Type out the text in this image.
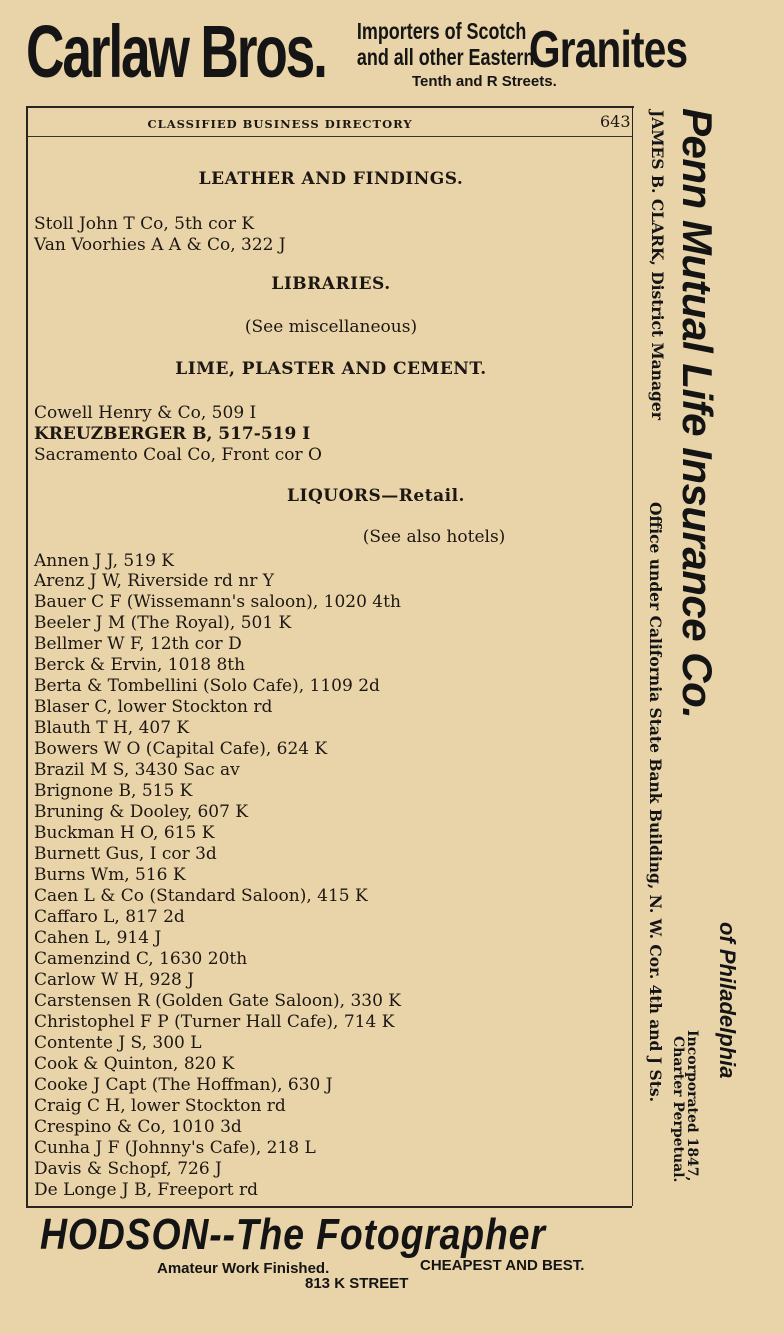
Carlaw Bros. Importers of Scotch
and all other Eastern
Granites
Tenth and R Streets.
CLASSIFIED BUSINESS DIRECTORY	643
LEATHER AND FINDINGS.
Stoll John T Co, 5th cor K
Van Voorhies A A & Co, 322 J
LIBRARIES.
(See miscellaneous)
LIME, PLASTER AND CEMENT.
Cowell Henry & Co, 509 I
KREUZBERGER B, 517-519 I
Sacramento Coal Co, Front cor O
LIQUORS—Retail.
(See also hotels)
Annen J J, 519 K
Arenz J W, Riverside rd nr Y
Bauer C F (Wissemann's saloon), 1020 4th
Beeler J M (The Royal), 501 K
Bellmer W F, 12th cor D
Berck & Ervin, 1018 8th
Berta & Tombellini (Solo Cafe), 1109 2d
Blaser C, lower Stockton rd
Blauth T H, 407 K
Bowers W O (Capital Cafe), 624 K
Brazil M S, 3430 Sac av
Brignone B, 515 K
Bruning & Dooley, 607 K
Buckman H O, 615 K
Burnett Gus, I cor 3d
Burns Wm, 516 K
Caen L & Co (Standard Saloon), 415 K
Caffaro L, 817 2d
Cahen L, 914 J
Camenzind C, 1630 20th
Carlow W H, 928 J
Carstensen R (Golden Gate Saloon), 330 K
Christophel F P (Turner Hall Cafe), 714 K
Contente J S, 300 L
Cook & Quinton, 820 K
Cooke J Capt (The Hoffman), 630 J
Craig C H, lower Stockton rd
Crespino & Co, 1010 3d
Cunha J F (Johnny's Cafe), 218 L
Davis & Schopf, 726 J
De Longe J B, Freeport rd
Penn Mutual Life Insurance Co.
of Philadelphia
JAMES B. CLARK, District Manager
Office under California State Bank Building, N. W. Cor. 4th and J Sts.
Incorporated 1847,
Charter Perpetual.
HODSON--The Fotographer
Amateur Work Finished.	CHEAPEST AND BEST.
813 K STREET
